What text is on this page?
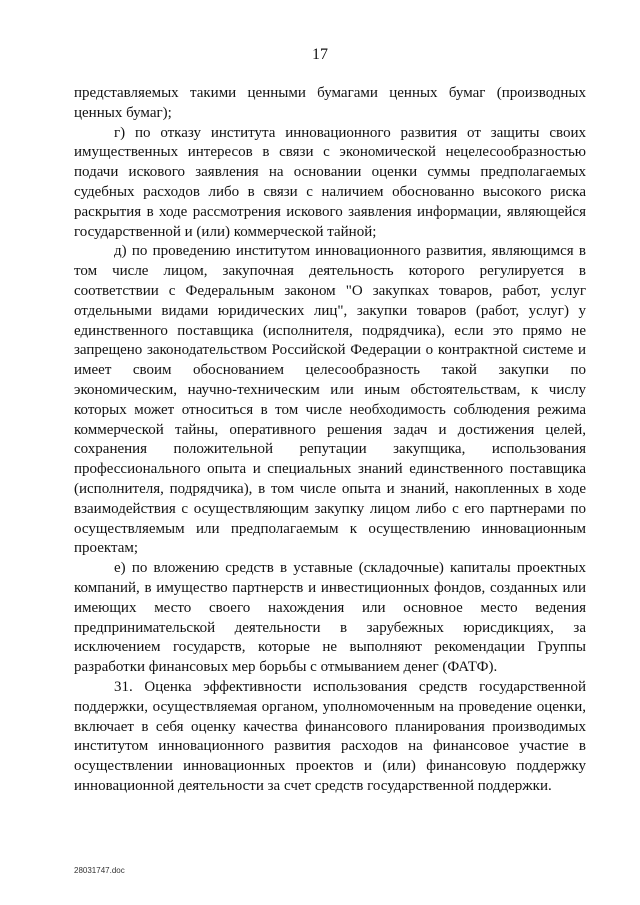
17

представляемых такими ценными бумагами ценных бумаг (производных ценных бумаг);

г) по отказу института инновационного развития от защиты своих имущественных интересов в связи с экономической нецелесообразностью подачи искового заявления на основании оценки суммы предполагаемых судебных расходов либо в связи с наличием обоснованно высокого риска раскрытия в ходе рассмотрения искового заявления информации, являющейся государственной и (или) коммерческой тайной;

д) по проведению институтом инновационного развития, являющимся в том числе лицом, закупочная деятельность которого регулируется в соответствии с Федеральным законом "О закупках товаров, работ, услуг отдельными видами юридических лиц", закупки товаров (работ, услуг) у единственного поставщика (исполнителя, подрядчика), если это прямо не запрещено законодательством Российской Федерации о контрактной системе и имеет своим обоснованием целесообразность такой закупки по экономическим, научно-техническим или иным обстоятельствам, к числу которых может относиться в том числе необходимость соблюдения режима коммерческой тайны, оперативного решения задач и достижения целей, сохранения положительной репутации закупщика, использования профессионального опыта и специальных знаний единственного поставщика (исполнителя, подрядчика), в том числе опыта и знаний, накопленных в ходе взаимодействия с осуществляющим закупку лицом либо с его партнерами по осуществляемым или предполагаемым к осуществлению инновационным проектам;

е) по вложению средств в уставные (складочные) капиталы проектных компаний, в имущество партнерств и инвестиционных фондов, созданных или имеющих место своего нахождения или основное место ведения предпринимательской деятельности в зарубежных юрисдикциях, за исключением государств, которые не выполняют рекомендации Группы разработки финансовых мер борьбы с отмыванием денег (ФАТФ).

31. Оценка эффективности использования средств государственной поддержки, осуществляемая органом, уполномоченным на проведение оценки, включает в себя оценку качества финансового планирования производимых институтом инновационного развития расходов на финансовое участие в осуществлении инновационных проектов и (или) финансовую поддержку инновационной деятельности за счет средств государственной поддержки.

28031747.doc
